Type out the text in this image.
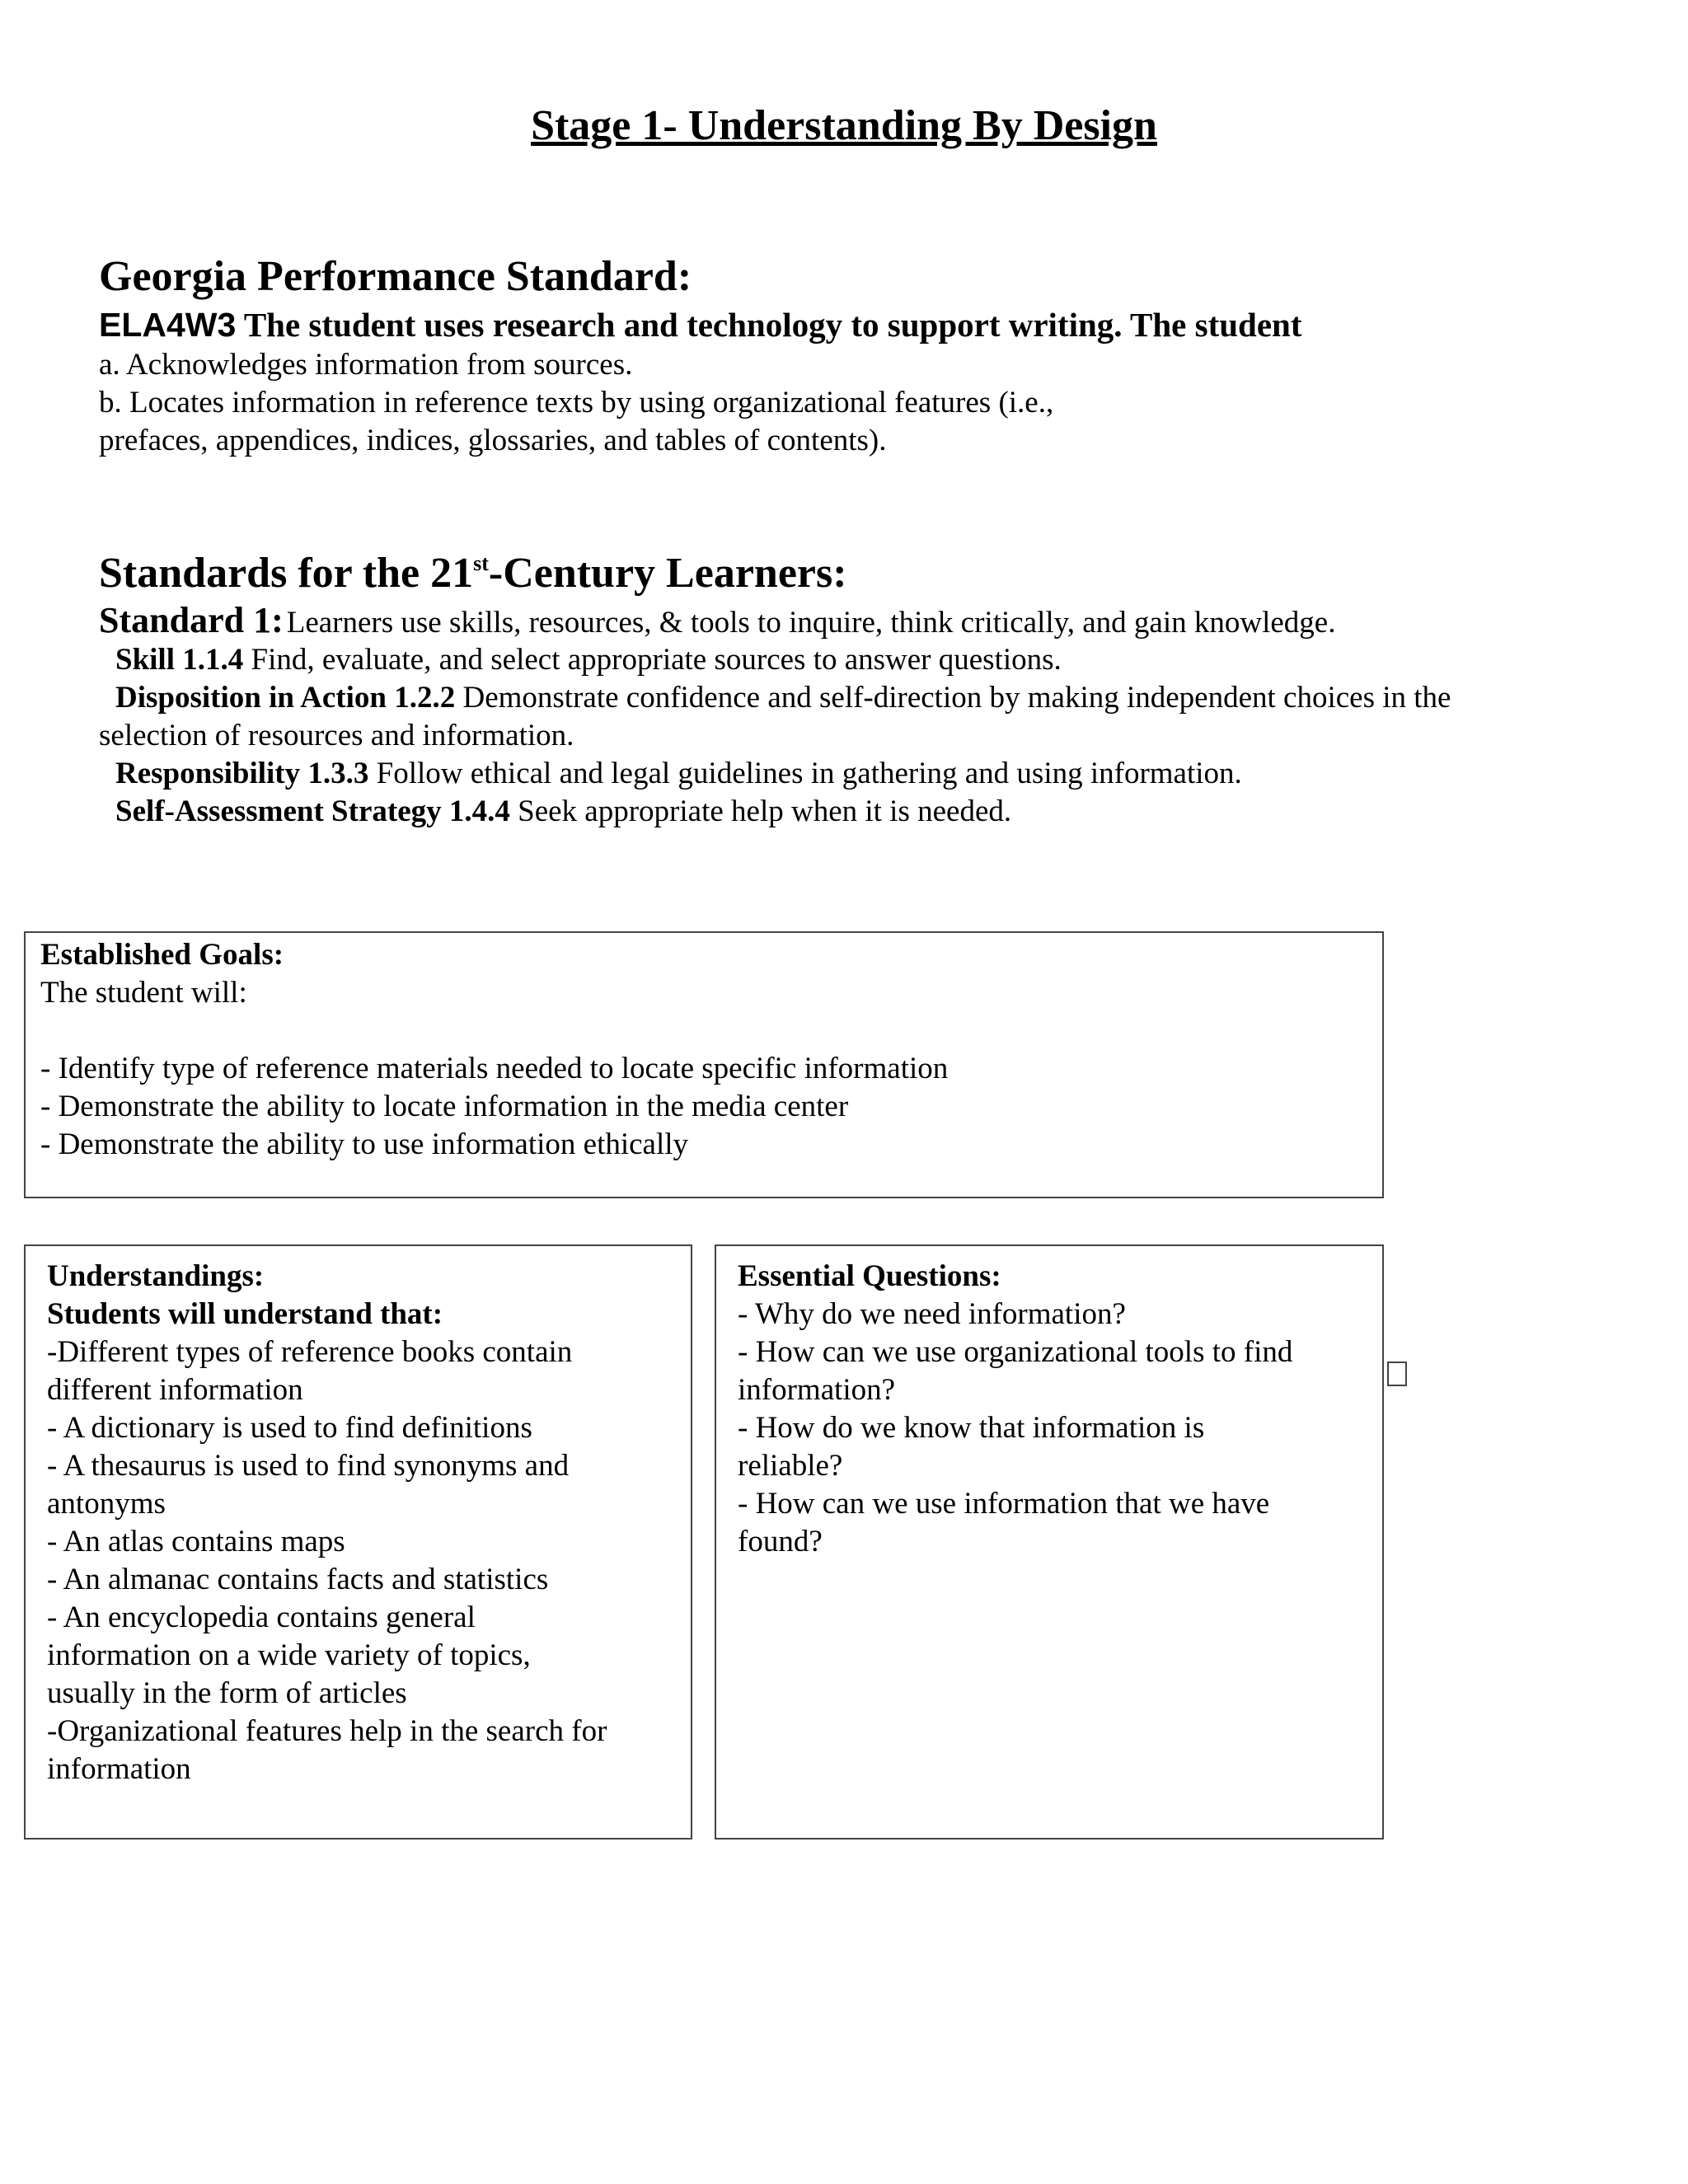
Stage 1- Understanding By Design
Georgia Performance Standard:
ELA4W3 The student uses research and technology to support writing. The student
a. Acknowledges information from sources.
b. Locates information in reference texts by using organizational features (i.e.,
prefaces, appendices, indices, glossaries, and tables of contents).
Standards for the 21st-Century Learners:
Standard 1: Learners use skills, resources, & tools to inquire, think critically, and gain knowledge.
Skill 1.1.4 Find, evaluate, and select appropriate sources to answer questions.
Disposition in Action 1.2.2 Demonstrate confidence and self-direction by making independent choices in the
selection of resources and information.
Responsibility 1.3.3 Follow ethical and legal guidelines in gathering and using information.
Self-Assessment Strategy 1.4.4 Seek appropriate help when it is needed.
Established Goals:
The student will:
- Identify type of reference materials needed to locate specific information
- Demonstrate the ability to locate information in the media center
- Demonstrate the ability to use information ethically
Understandings:
Students will understand that:
-Different types of reference books contain
different information
- A dictionary is used to find definitions
- A thesaurus is used to find synonyms and
antonyms
- An atlas contains maps
- An almanac contains facts and statistics
- An encyclopedia contains general
information on a wide variety of topics,
usually in the form of articles
-Organizational features help in the search for
information
Essential Questions:
- Why do we need information?
- How can we use organizational tools to find
information?
- How do we know that information is
reliable?
- How can we use information that we have
found?
